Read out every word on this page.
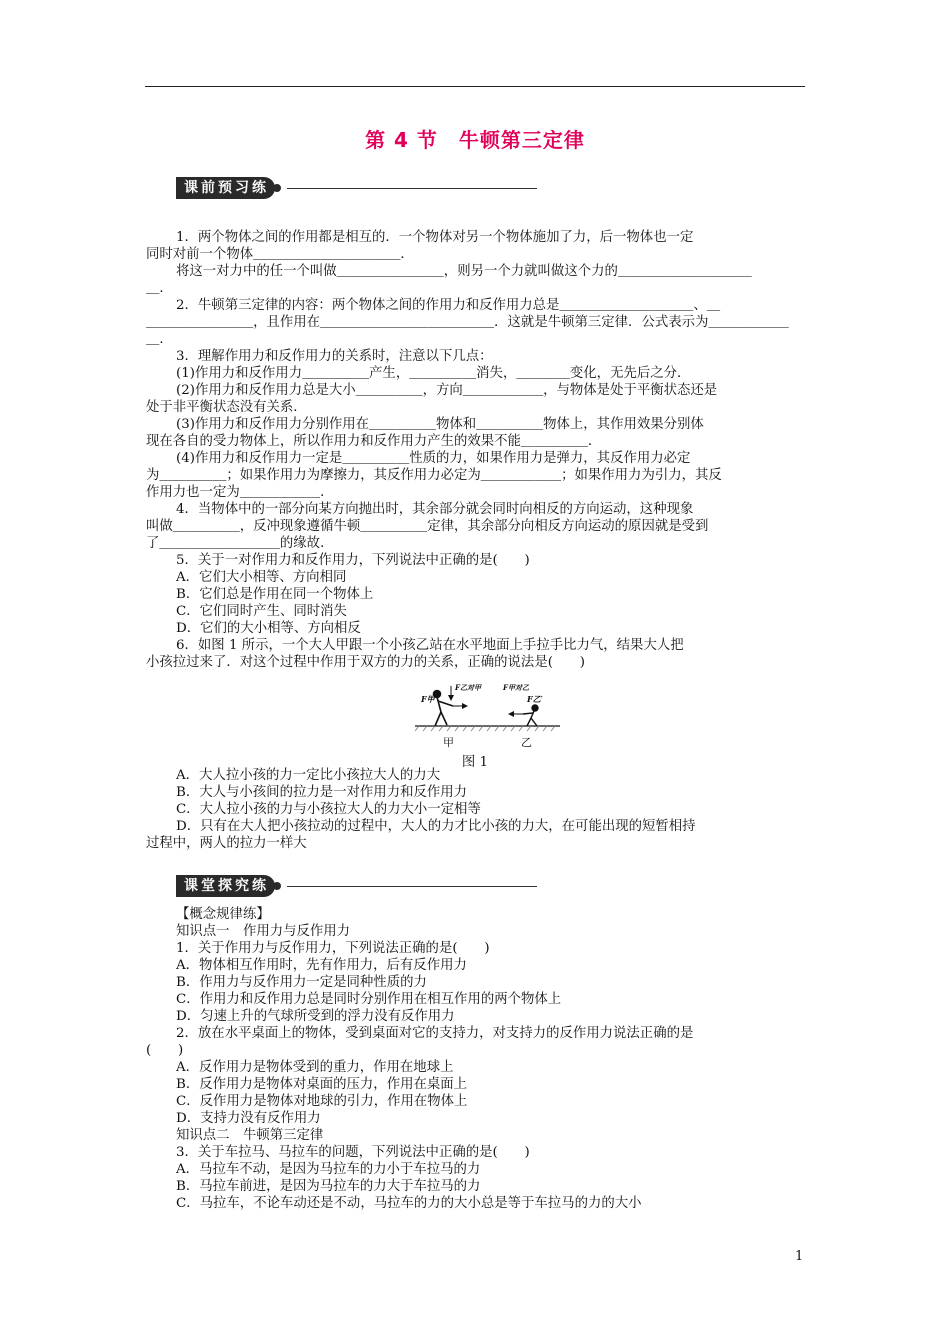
第 4 节　牛顿第三定律
课前预习练

1．两个物体之间的作用都是相互的．一个物体对另一个物体施加了力，后一物体也一定

同时对前一个物体＿＿＿＿＿＿＿＿＿＿＿．

将这一对力中的任一个叫做＿＿＿＿＿＿＿＿，则另一个力就叫做这个力的＿＿＿＿＿＿＿＿＿＿

＿．

2．牛顿第三定律的内容：两个物体之间的作用力和反作用力总是＿＿＿＿＿＿＿＿＿＿、＿

＿＿＿＿＿＿＿＿，且作用在＿＿＿＿＿＿＿＿＿＿＿＿＿．这就是牛顿第三定律．公式表示为＿＿＿＿＿＿

＿．

3．理解作用力和反作用力的关系时，注意以下几点：

(1)作用力和反作用力＿＿＿＿＿产生，＿＿＿＿＿消失，＿＿＿＿变化，无先后之分．

(2)作用力和反作用力总是大小＿＿＿＿＿，方向＿＿＿＿＿＿，与物体是处于平衡状态还是

处于非平衡状态没有关系．

(3)作用力和反作用力分别作用在＿＿＿＿＿物体和＿＿＿＿＿物体上，其作用效果分别体

现在各自的受力物体上，所以作用力和反作用力产生的效果不能＿＿＿＿＿．

(4)作用力和反作用力一定是＿＿＿＿＿性质的力，如果作用力是弹力，其反作用力必定

为＿＿＿＿＿；如果作用力为摩擦力，其反作用力必定为＿＿＿＿＿＿；如果作用力为引力，其反

作用力也一定为＿＿＿＿＿＿．

4．当物体中的一部分向某方向抛出时，其余部分就会同时向相反的方向运动，这种现象

叫做＿＿＿＿＿，反冲现象遵循牛顿＿＿＿＿＿定律，其余部分向相反方向运动的原因就是受到

了＿＿＿＿＿＿＿＿＿的缘故．

5．关于一对作用力和反作用力，下列说法中正确的是(　　)

A．它们大小相等、方向相同

B．它们总是作用在同一个物体上

C．它们同时产生、同时消失

D．它们的大小相等、方向相反

6．如图 1 所示，一个大人甲跟一个小孩乙站在水平地面上手拉手比力气，结果大人把

小孩拉过来了．对这个过程中作用于双方的力的关系，正确的说法是(　　)

F甲′
F乙对甲	F甲对乙
F乙′
甲	乙
图 1

A．大人拉小孩的力一定比小孩拉大人的力大

B．大人与小孩间的拉力是一对作用力和反作用力

C．大人拉小孩的力与小孩拉大人的力大小一定相等

D．只有在大人把小孩拉动的过程中，大人的力才比小孩的力大，在可能出现的短暂相持

过程中，两人的拉力一样大

课堂探究练

【概念规律练】

知识点一　作用力与反作用力

1．关于作用力与反作用力，下列说法正确的是(　　)

A．物体相互作用时，先有作用力，后有反作用力

B．作用力与反作用力一定是同种性质的力

C．作用力和反作用力总是同时分别作用在相互作用的两个物体上

D．匀速上升的气球所受到的浮力没有反作用力

2．放在水平桌面上的物体，受到桌面对它的支持力，对支持力的反作用力说法正确的是

(　　)

A．反作用力是物体受到的重力，作用在地球上

B．反作用力是物体对桌面的压力，作用在桌面上

C．反作用力是物体对地球的引力，作用在物体上

D．支持力没有反作用力

知识点二　牛顿第三定律

3．关于车拉马、马拉车的问题，下列说法中正确的是(　　)

A．马拉车不动，是因为马拉车的力小于车拉马的力

B．马拉车前进，是因为马拉车的力大于车拉马的力

C．马拉车，不论车动还是不动，马拉车的力的大小总是等于车拉马的力的大小

1
